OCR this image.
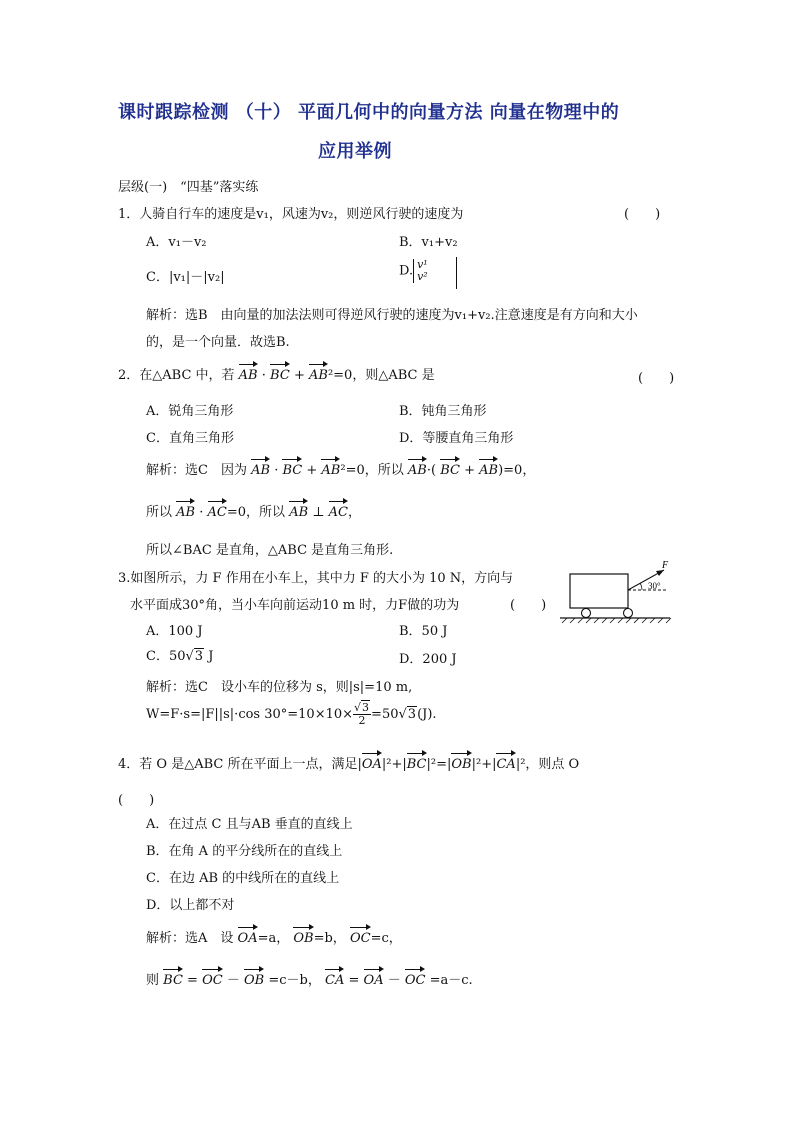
课时跟踪检测 （十） 平面几何中的向量方法 向量在物理中的
应用举例
层级(一)　“四基”落实练
1．人骑自行车的速度是v₁，风速为v₂，则逆风行驶的速度为	(　　)
A．v₁－v₂	B．v₁+v₂
C．|v₁|－|v₂|	D. v¹
v²
解析：选B　由向量的加法法则可得逆风行驶的速度为v₁+v₂.注意速度是有方向和大小
的，是一个向量．故选B.
2．在△ABC 中，若 AB · BC + AB²=0，则△ABC 是	(　　)
A．锐角三角形	B．钝角三角形
C．直角三角形	D．等腰直角三角形
解析：选C　因为 AB · BC + AB²=0，所以 AB·( BC + AB)=0，
所以 AB · AC=0，所以 AB ⊥ AC，
所以∠BAC 是直角，△ABC 是直角三角形.
3.如图所示，力 F 作用在小车上，其中力 F 的大小为 10 N，方向与
水平面成30°角，当小车向前运动10 m 时，力F做的功为	(　　)
F
30°
A．100 J	B．50 J
C．50√3 J	D．200 J
解析：选C　设小车的位移为 s，则|s|=10 m,
W=F·s=|F||s|·cos $30^\circ=10\times 10\times \frac{√3}{2} =50√3(J)$.
4．若 O 是△ABC 所在平面上一点，满足|OA|²+|BC|²=|OB|²+|CA|²，则点 O
(　　)
A．在过点 C 且与AB 垂直的直线上
B．在角 A 的平分线所在的直线上
C．在边 AB 的中线所在的直线上
D．以上都不对
解析：选A　设 OA=a， OB=b， OC=c，
则 BC = OC － OB =c－b， CA = OA － OC =a－c.
